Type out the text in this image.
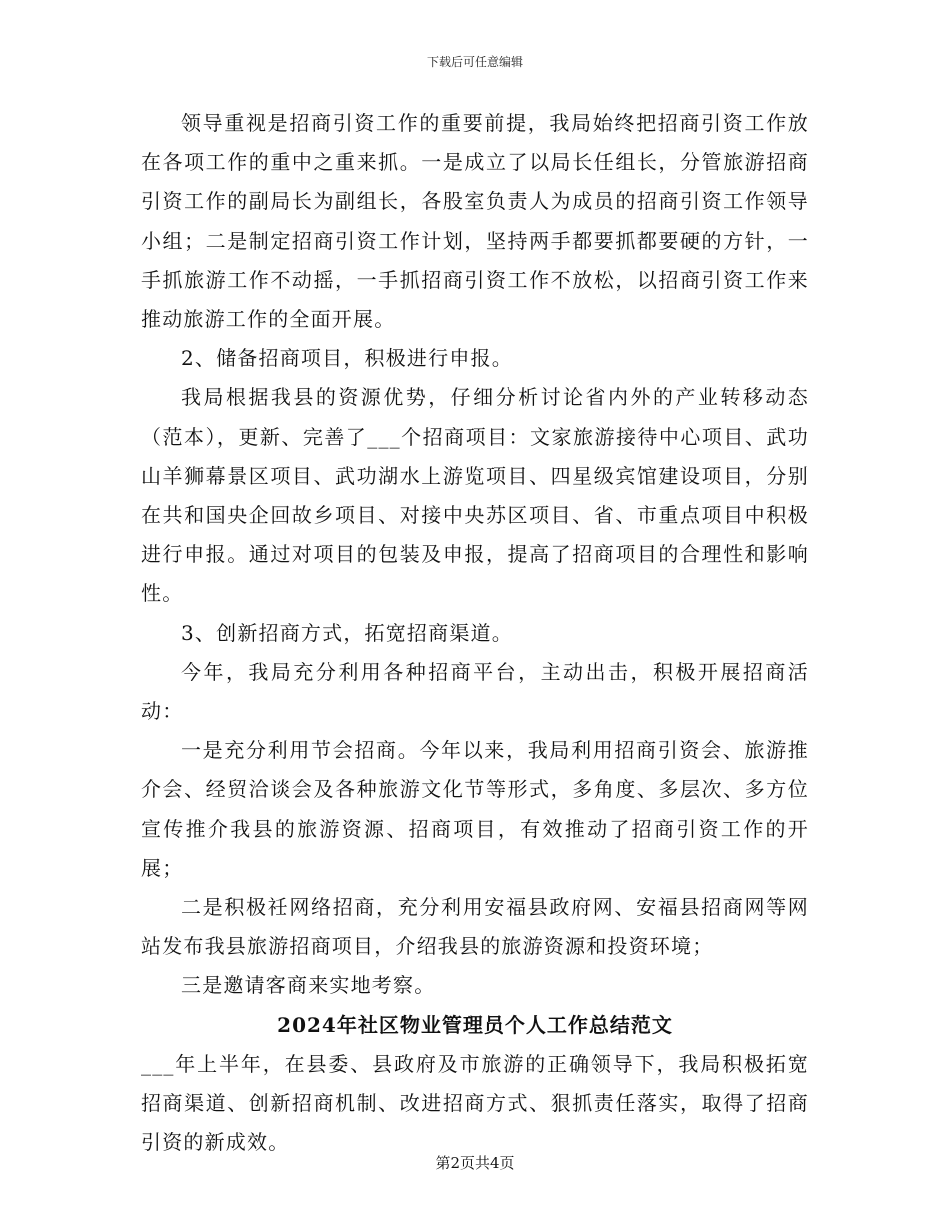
下载后可任意编辑

领导重视是招商引资工作的重要前提，我局始终把招商引资工作放在各项工作的重中之重来抓。一是成立了以局长任组长，分管旅游招商引资工作的副局长为副组长，各股室负责人为成员的招商引资工作领导小组；二是制定招商引资工作计划，坚持两手都要抓都要硬的方针，一手抓旅游工作不动摇，一手抓招商引资工作不放松，以招商引资工作来推动旅游工作的全面开展。

2、储备招商项目，积极进行申报。

我局根据我县的资源优势，仔细分析讨论省内外的产业转移动态（范本），更新、完善了___个招商项目：文家旅游接待中心项目、武功山羊狮幕景区项目、武功湖水上游览项目、四星级宾馆建设项目，分别在共和国央企回故乡项目、对接中央苏区项目、省、市重点项目中积极进行申报。通过对项目的包装及申报，提高了招商项目的合理性和影响性。

3、创新招商方式，拓宽招商渠道。

今年，我局充分利用各种招商平台，主动出击，积极开展招商活动：

一是充分利用节会招商。今年以来，我局利用招商引资会、旅游推介会、经贸洽谈会及各种旅游文化节等形式，多角度、多层次、多方位宣传推介我县的旅游资源、招商项目，有效推动了招商引资工作的开展；

二是积极祍网络招商，充分利用安福县政府网、安福县招商网等网站发布我县旅游招商项目，介绍我县的旅游资源和投资环境；

三是邀请客商来实地考察。

2024年社区物业管理员个人工作总结范文

___年上半年，在县委、县政府及市旅游的正确领导下，我局积极拓宽招商渠道、创新招商机制、改进招商方式、狠抓责任落实，取得了招商引资的新成效。

第2页共4页
